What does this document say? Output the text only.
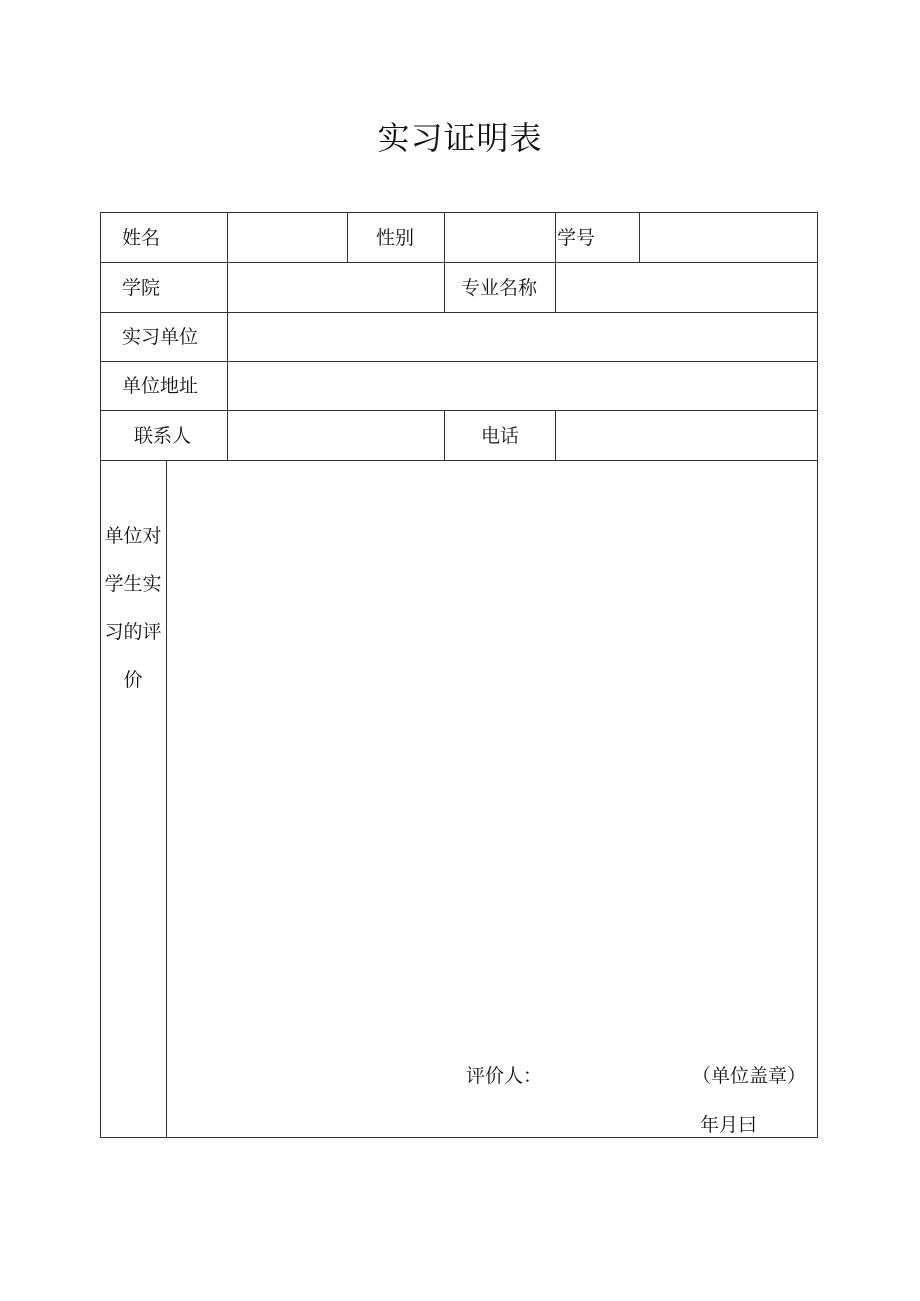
实习证明表
姓名	性别	学号
学院	专业名称
实习单位
单位地址
联系人	电话
单位对
学生实
习的评
价
评价人：	（单位盖章）
年月曰
